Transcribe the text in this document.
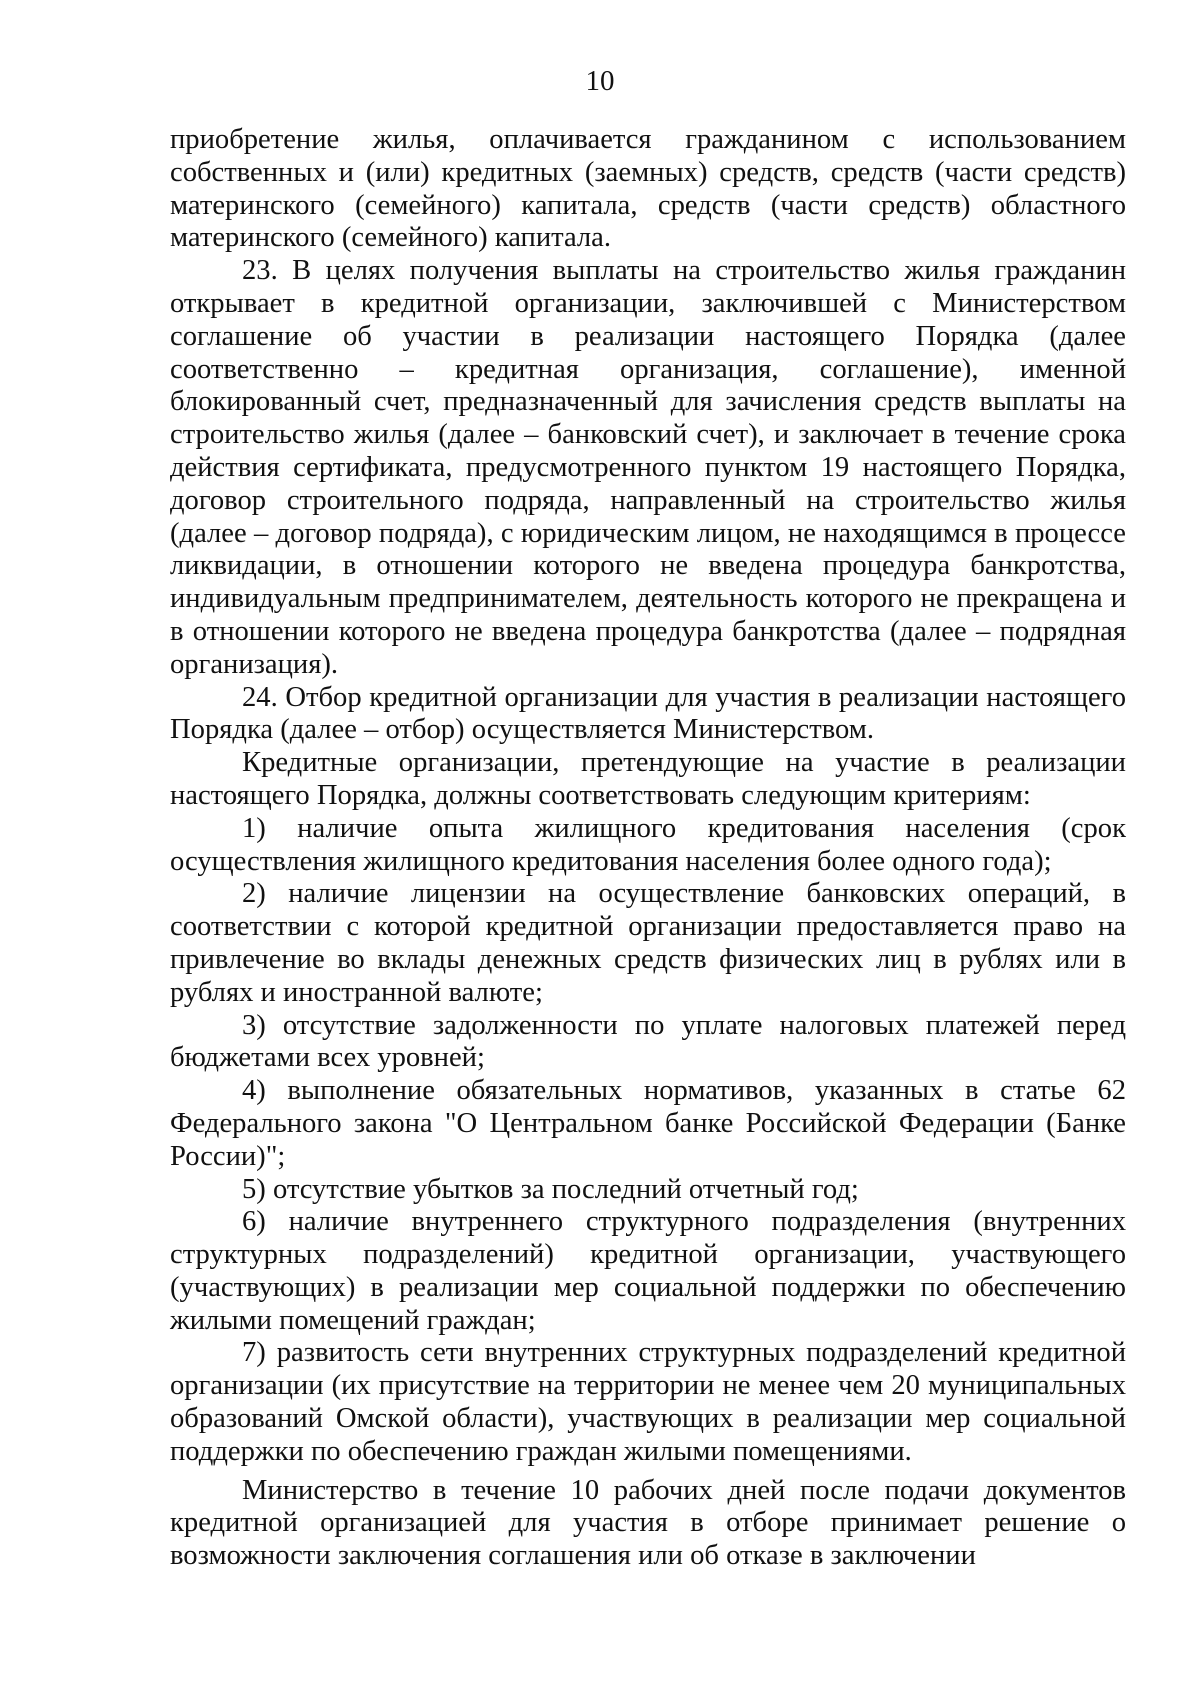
10

приобретение жилья, оплачивается гражданином с использованием собственных и (или) кредитных (заемных) средств, средств (части средств) материнского (семейного) капитала, средств (части средств) областного материнского (семейного) капитала.

23. В целях получения выплаты на строительство жилья гражданин открывает в кредитной организации, заключившей с Министерством соглашение об участии в реализации настоящего Порядка (далее соответственно – кредитная организация, соглашение), именной блокированный счет, предназначенный для зачисления средств выплаты на строительство жилья (далее – банковский счет), и заключает в течение срока действия сертификата, предусмотренного пунктом 19 настоящего Порядка, договор строительного подряда, направленный на строительство жилья (далее – договор подряда), с юридическим лицом, не находящимся в процессе ликвидации, в отношении которого не введена процедура банкротства, индивидуальным предпринимателем, деятельность которого не прекращена и в отношении которого не введена процедура банкротства (далее – подрядная организация).

24. Отбор кредитной организации для участия в реализации настоящего Порядка (далее – отбор) осуществляется Министерством.

Кредитные организации, претендующие на участие в реализации настоящего Порядка, должны соответствовать следующим критериям:

1) наличие опыта жилищного кредитования населения (срок осуществления жилищного кредитования населения более одного года);

2) наличие лицензии на осуществление банковских операций, в соответствии с которой кредитной организации предоставляется право на привлечение во вклады денежных средств физических лиц в рублях или в рублях и иностранной валюте;

3) отсутствие задолженности по уплате налоговых платежей перед бюджетами всех уровней;

4) выполнение обязательных нормативов, указанных в статье 62 Федерального закона "О Центральном банке Российской Федерации (Банке России)";

5) отсутствие убытков за последний отчетный год;

6) наличие внутреннего структурного подразделения (внутренних структурных подразделений) кредитной организации, участвующего (участвующих) в реализации мер социальной поддержки по обеспечению жилыми помещений граждан;

7) развитость сети внутренних структурных подразделений кредитной организации (их присутствие на территории не менее чем 20 муниципальных образований Омской области), участвующих в реализации мер социальной поддержки по обеспечению граждан жилыми помещениями.

Министерство в течение 10 рабочих дней после подачи документов кредитной организацией для участия в отборе принимает решение о возможности заключения соглашения или об отказе в заключении
